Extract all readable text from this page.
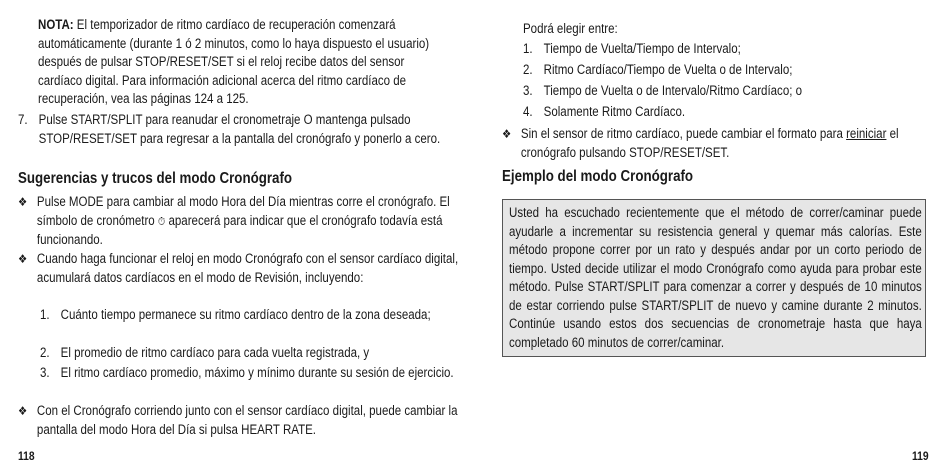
NOTA: El temporizador de ritmo cardíaco de recuperación comenzará automáticamente (durante 1 ó 2 minutos, como lo haya dispuesto el usuario) después de pulsar STOP/RESET/SET si el reloj recibe datos del sensor cardíaco digital. Para información adicional acerca del ritmo cardíaco de recuperación, vea las páginas 124 a 125.
7. Pulse START/SPLIT para reanudar el cronometraje O mantenga pulsado STOP/RESET/SET para regresar a la pantalla del cronógrafo y ponerlo a cero.
Sugerencias y trucos del modo Cronógrafo
❖ Pulse MODE para cambiar al modo Hora del Día mientras corre el cronógrafo. El símbolo de cronómetro ⏱ aparecerá para indicar que el cronógrafo todavía está funcionando.
❖ Cuando haga funcionar el reloj en modo Cronógrafo con el sensor cardíaco digital, acumulará datos cardíacos en el modo de Revisión, incluyendo:
1. Cuánto tiempo permanece su ritmo cardíaco dentro de la zona deseada;
2. El promedio de ritmo cardíaco para cada vuelta registrada, y
3. El ritmo cardíaco promedio, máximo y mínimo durante su sesión de ejercicio.
❖ Con el Cronógrafo corriendo junto con el sensor cardíaco digital, puede cambiar la pantalla del modo Hora del Día si pulsa HEART RATE.
118
Podrá elegir entre:
1. Tiempo de Vuelta/Tiempo de Intervalo;
2. Ritmo Cardíaco/Tiempo de Vuelta o de Intervalo;
3. Tiempo de Vuelta o de Intervalo/Ritmo Cardíaco; o
4. Solamente Ritmo Cardíaco.
❖ Sin el sensor de ritmo cardíaco, puede cambiar el formato para reiniciar el cronógrafo pulsando STOP/RESET/SET.
Ejemplo del modo Cronógrafo
Usted ha escuchado recientemente que el método de correr/caminar puede ayudarle a incrementar su resistencia general y quemar más calorías. Este método propone correr por un rato y después andar por un corto periodo de tiempo. Usted decide utilizar el modo Cronógrafo como ayuda para probar este método. Pulse START/SPLIT para comenzar a correr y después de 10 minutos de estar corriendo pulse START/SPLIT de nuevo y camine durante 2 minutos. Continúe usando estos dos secuencias de cronometraje hasta que haya completado 60 minutos de correr/caminar.
119
